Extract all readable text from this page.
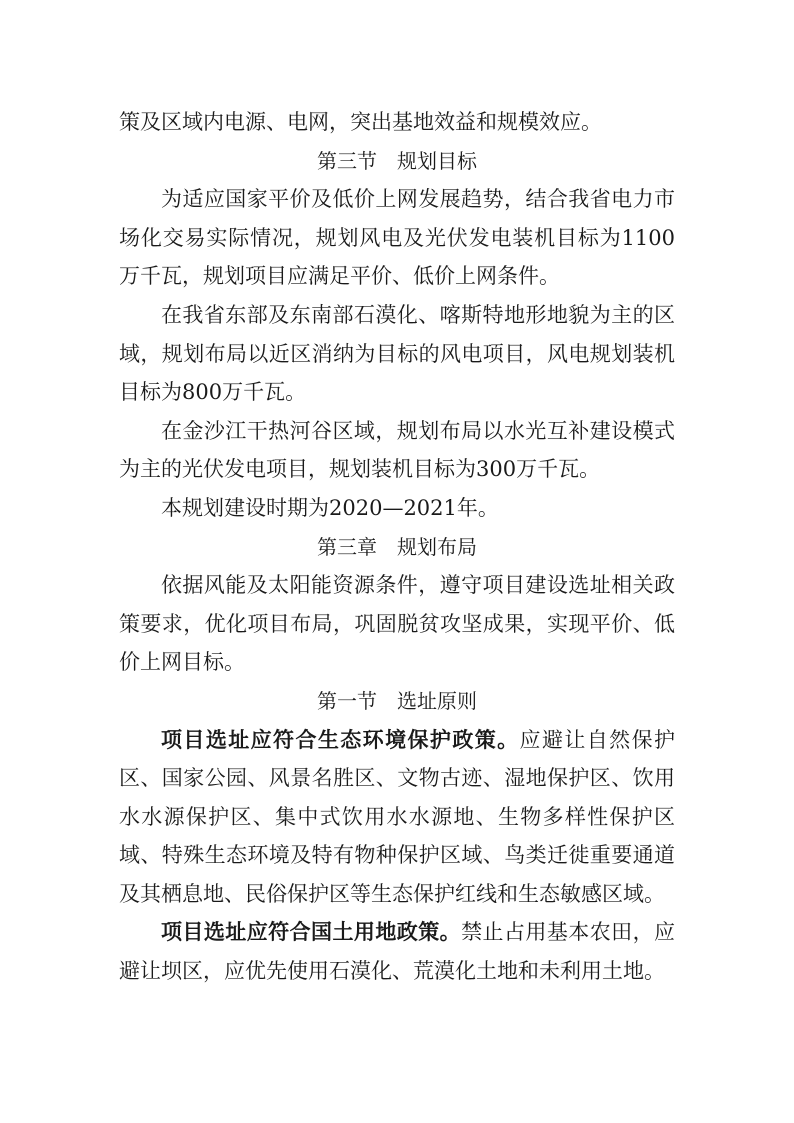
策及区域内电源、电网，突出基地效益和规模效应。

第三节 规划目标

为适应国家平价及低价上网发展趋势，结合我省电力市场化交易实际情况，规划风电及光伏发电装机目标为1100万千瓦，规划项目应满足平价、低价上网条件。

在我省东部及东南部石漠化、喀斯特地形地貌为主的区域，规划布局以近区消纳为目标的风电项目，风电规划装机目标为800万千瓦。

在金沙江干热河谷区域，规划布局以水光互补建设模式为主的光伏发电项目，规划装机目标为300万千瓦。

本规划建设时期为2020—2021年。

第三章 规划布局

依据风能及太阳能资源条件，遵守项目建设选址相关政策要求，优化项目布局，巩固脱贫攻坚成果，实现平价、低价上网目标。

第一节 选址原则

项目选址应符合生态环境保护政策。应避让自然保护区、国家公园、风景名胜区、文物古迹、湿地保护区、饮用水水源保护区、集中式饮用水水源地、生物多样性保护区域、特殊生态环境及特有物种保护区域、鸟类迁徙重要通道及其栖息地、民俗保护区等生态保护红线和生态敏感区域。

项目选址应符合国土用地政策。禁止占用基本农田，应避让坝区，应优先使用石漠化、荒漠化土地和未利用土地。
